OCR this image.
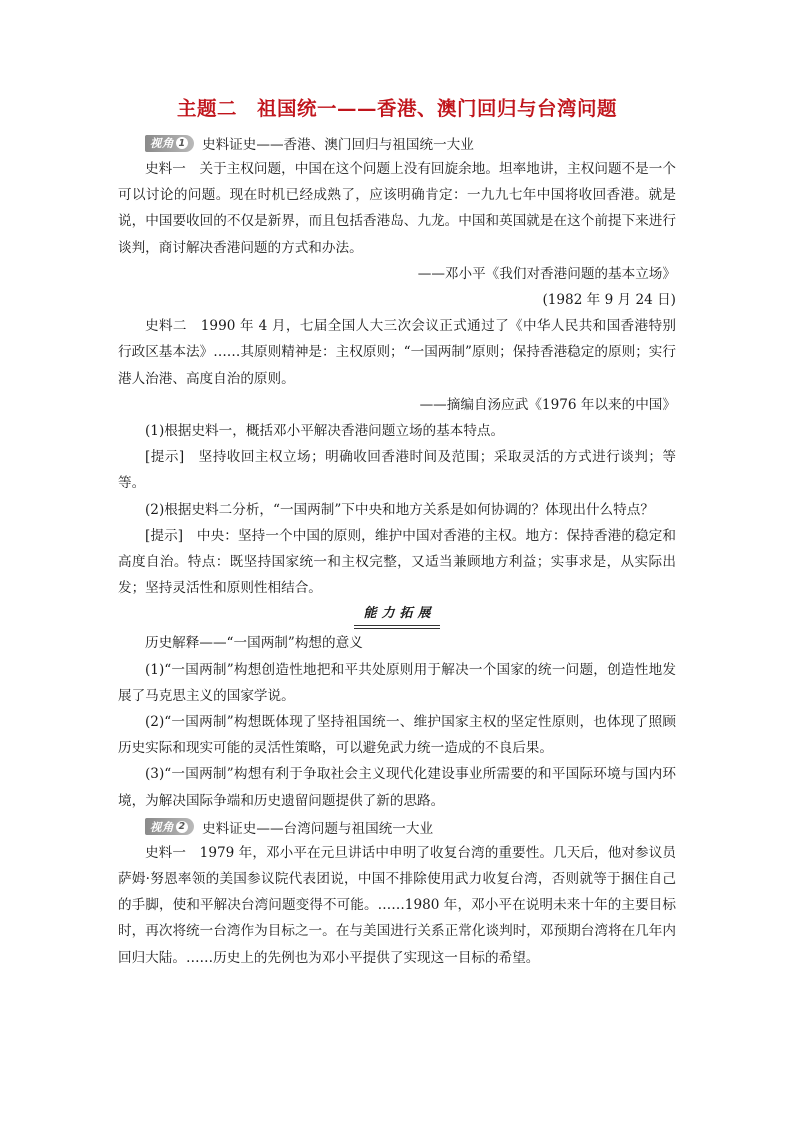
主题二　祖国统一——香港、澳门回归与台湾问题
视角 1 史料证史——香港、澳门回归与祖国统一大业

史料一　关于主权问题，中国在这个问题上没有回旋余地。坦率地讲，主权问题不是一个可以讨论的问题。现在时机已经成熟了，应该明确肯定：一九九七年中国将收回香港。就是说，中国要收回的不仅是新界，而且包括香港岛、九龙。中国和英国就是在这个前提下来进行谈判，商讨解决香港问题的方式和办法。

——邓小平《我们对香港问题的基本立场》

(1982 年 9 月 24 日)

史料二　1990 年 4 月，七届全国人大三次会议正式通过了《中华人民共和国香港特别行政区基本法》……其原则精神是：主权原则；“一国两制”原则；保持香港稳定的原则；实行港人治港、高度自治的原则。

——摘编自汤应武《1976 年以来的中国》

(1)根据史料一，概括邓小平解决香港问题立场的基本特点。

[提示]　坚持收回主权立场；明确收回香港时间及范围；采取灵活的方式进行谈判；等等。

(2)根据史料二分析，“一国两制”下中央和地方关系是如何协调的？体现出什么特点？

[提示]　中央：坚持一个中国的原则，维护中国对香港的主权。地方：保持香港的稳定和高度自治。特点：既坚持国家统一和主权完整，又适当兼顾地方利益；实事求是，从实际出发；坚持灵活性和原则性相结合。

能力拓展

历史解释——“一国两制”构想的意义

(1)“一国两制”构想创造性地把和平共处原则用于解决一个国家的统一问题，创造性地发展了马克思主义的国家学说。

(2)“一国两制”构想既体现了坚持祖国统一、维护国家主权的坚定性原则，也体现了照顾历史实际和现实可能的灵活性策略，可以避免武力统一造成的不良后果。

(3)“一国两制”构想有利于争取社会主义现代化建设事业所需要的和平国际环境与国内环境，为解决国际争端和历史遗留问题提供了新的思路。

视角 2 史料证史——台湾问题与祖国统一大业

史料一　1979 年，邓小平在元旦讲话中申明了收复台湾的重要性。几天后，他对参议员萨姆·努恩率领的美国参议院代表团说，中国不排除使用武力收复台湾，否则就等于捆住自己的手脚，使和平解决台湾问题变得不可能。……1980 年，邓小平在说明未来十年的主要目标时，再次将统一台湾作为目标之一。在与美国进行关系正常化谈判时，邓预期台湾将在几年内回归大陆。……历史上的先例也为邓小平提供了实现这一目标的希望。
